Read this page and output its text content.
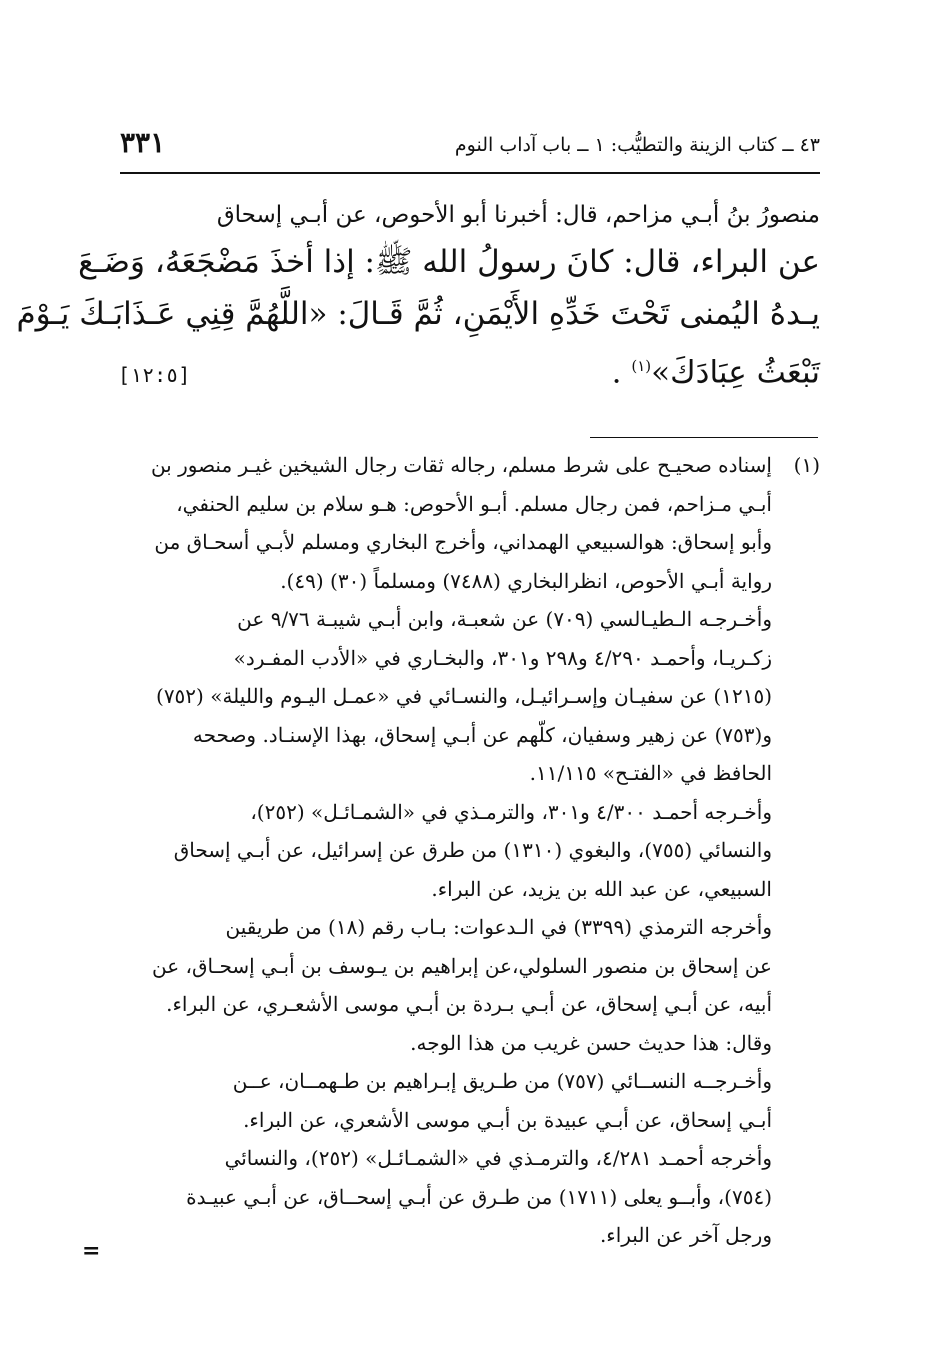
٤٣ ــ كتاب الزينة والتطيُّب: ١ ــ باب آداب النوم
٣٣١
منصورُ بنُ أبـي مزاحم، قال: أخبرنا أبو الأحوص، عن أبـي إسحاق
عن البراء، قال: كانَ رسولُ الله ﷺ: إذا أخذَ مَضْجَعَهُ، وَضَـعَ
يـدهُ اليُمنى تَحْتَ خَدِّهِ الأَيْمَنِ، ثُمَّ قَـالَ: «اللَّهُمَّ قِنِي عَـذَابَـكَ يَـوْمَ
تَبْعَثُ عِبَادَكَ»$^{(١)}$ .
[١٢:٥]
(١)
إسناده صحيـح على شرط مسلم، رجاله ثقات رجال الشيخين غيـر منصور بن
أبـي مـزاحم، فمن رجال مسلم. أبـو الأحوص: هـو سلام بن سليم الحنفي،
وأبو إسحاق: هوالسبيعي الهمداني، وأخرج البخاري ومسلم لأبـي أسحـاق من
رواية أبـي الأحوص، انظرالبخاري (٧٤٨٨) ومسلماً (٣٠) (٤٩).
وأخـرجـه الـطيـالسي (٧٠٩) عن شعبـة، وابن أبـي شيبـة ٩/٧٦ عن
زكـريـا، وأحمـد ٤/٢٩٠ و٢٩٨ و٣٠١، والبخـاري في «الأدب المفـرد»
(١٢١٥) عن سفيـان وإسـرائيـل، والنسـائي في «عمـل اليـوم والليلة» (٧٥٢)
و(٧٥٣) عن زهير وسفيان، كلّهم عن أبـي إسحاق، بهذا الإسنـاد. وصححه
الحافظ في «الفتـح» ١١/١١٥.
وأخـرجه أحمـد ٤/٣٠٠ و٣٠١، والترمـذي في «الشمـائـل» (٢٥٢)،
والنسائي (٧٥٥)، والبغوي (١٣١٠) من طرق عن إسرائيل، عن أبـي إسحاق
السبيعي، عن عبد الله بن يزيد، عن البراء.
وأخرجه الترمذي (٣٣٩٩) في الـدعوات: بـاب رقم (١٨) من طريقين
عن إسحاق بن منصور السلولي،عن إبراهيم بن يـوسف بن أبـي إسحـاق، عن
أبيه، عن أبـي إسحاق، عن أبـي بـردة بن أبـي موسى الأشعـري، عن البراء.
وقال: هذا حديث حسن غريب من هذا الوجه.
وأخـرجــه النســائي (٧٥٧) من طـريق إبـراهيم بن طـهمــان، عــن
أبـي إسحاق، عن أبـي عبيدة بن أبـي موسى الأشعري، عن البراء.
وأخرجه أحمـد ٤/٢٨١، والترمـذي في «الشمـائـل» (٢٥٢)، والنسائي
(٧٥٤)، وأبــو يعلى (١٧١١) من طـرق عن أبـي إسحــاق، عن أبـي عبيـدة
ورجل آخر عن البراء.
=
